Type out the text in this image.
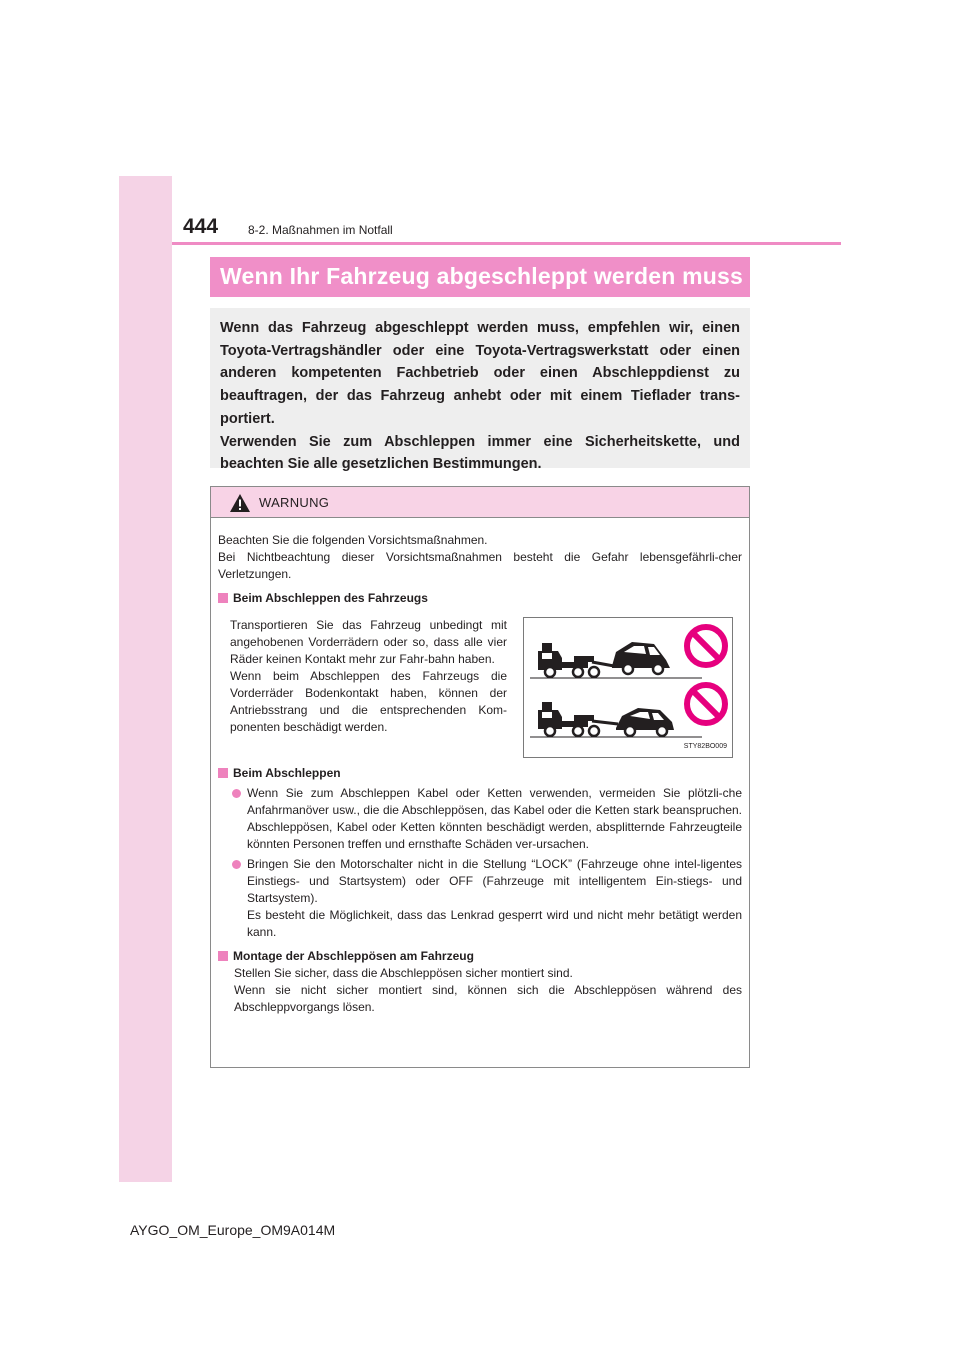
444 8-2. Maßnahmen im Notfall
Wenn Ihr Fahrzeug abgeschleppt werden muss

Wenn das Fahrzeug abgeschleppt werden muss, empfehlen wir, einen Toyota-Vertragshändler oder eine Toyota-Vertragswerkstatt oder einen anderen kompetenten Fachbetrieb oder einen Abschleppdienst zu beauftragen, der das Fahrzeug anhebt oder mit einem Tieflader trans-portiert.

Verwenden Sie zum Abschleppen immer eine Sicherheitskette, und beachten Sie alle gesetzlichen Bestimmungen.

WARNUNG

Beachten Sie die folgenden Vorsichtsmaßnahmen.

Bei Nichtbeachtung dieser Vorsichtsmaßnahmen besteht die Gefahr lebensgefährli-cher Verletzungen.

Beim Abschleppen des Fahrzeugs

Transportieren Sie das Fahrzeug unbedingt mit angehobenen Vorderrädern oder so, dass alle vier Räder keinen Kontakt mehr zur Fahr-bahn haben.

Wenn beim Abschleppen des Fahrzeugs die Vorderräder Bodenkontakt haben, können der Antriebsstrang und die entsprechenden Kom-ponenten beschädigt werden.

STY82BO009
Beim Abschleppen

Wenn Sie zum Abschleppen Kabel oder Ketten verwenden, vermeiden Sie plötzli-che Anfahrmanöver usw., die die Abschleppösen, das Kabel oder die Ketten stark beanspruchen. Abschleppösen, Kabel oder Ketten könnten beschädigt werden, absplitternde Fahrzeugteile könnten Personen treffen und ernsthafte Schäden ver-ursachen.

Bringen Sie den Motorschalter nicht in die Stellung “LOCK” (Fahrzeuge ohne intel-ligentes Einstiegs- und Startsystem) oder OFF (Fahrzeuge mit intelligentem Ein-stiegs- und Startsystem).

Es besteht die Möglichkeit, dass das Lenkrad gesperrt wird und nicht mehr betätigt werden kann.

Montage der Abschleppösen am Fahrzeug

Stellen Sie sicher, dass die Abschleppösen sicher montiert sind.

Wenn sie nicht sicher montiert sind, können sich die Abschleppösen während des Abschleppvorgangs lösen.

AYGO_OM_Europe_OM9A014M
